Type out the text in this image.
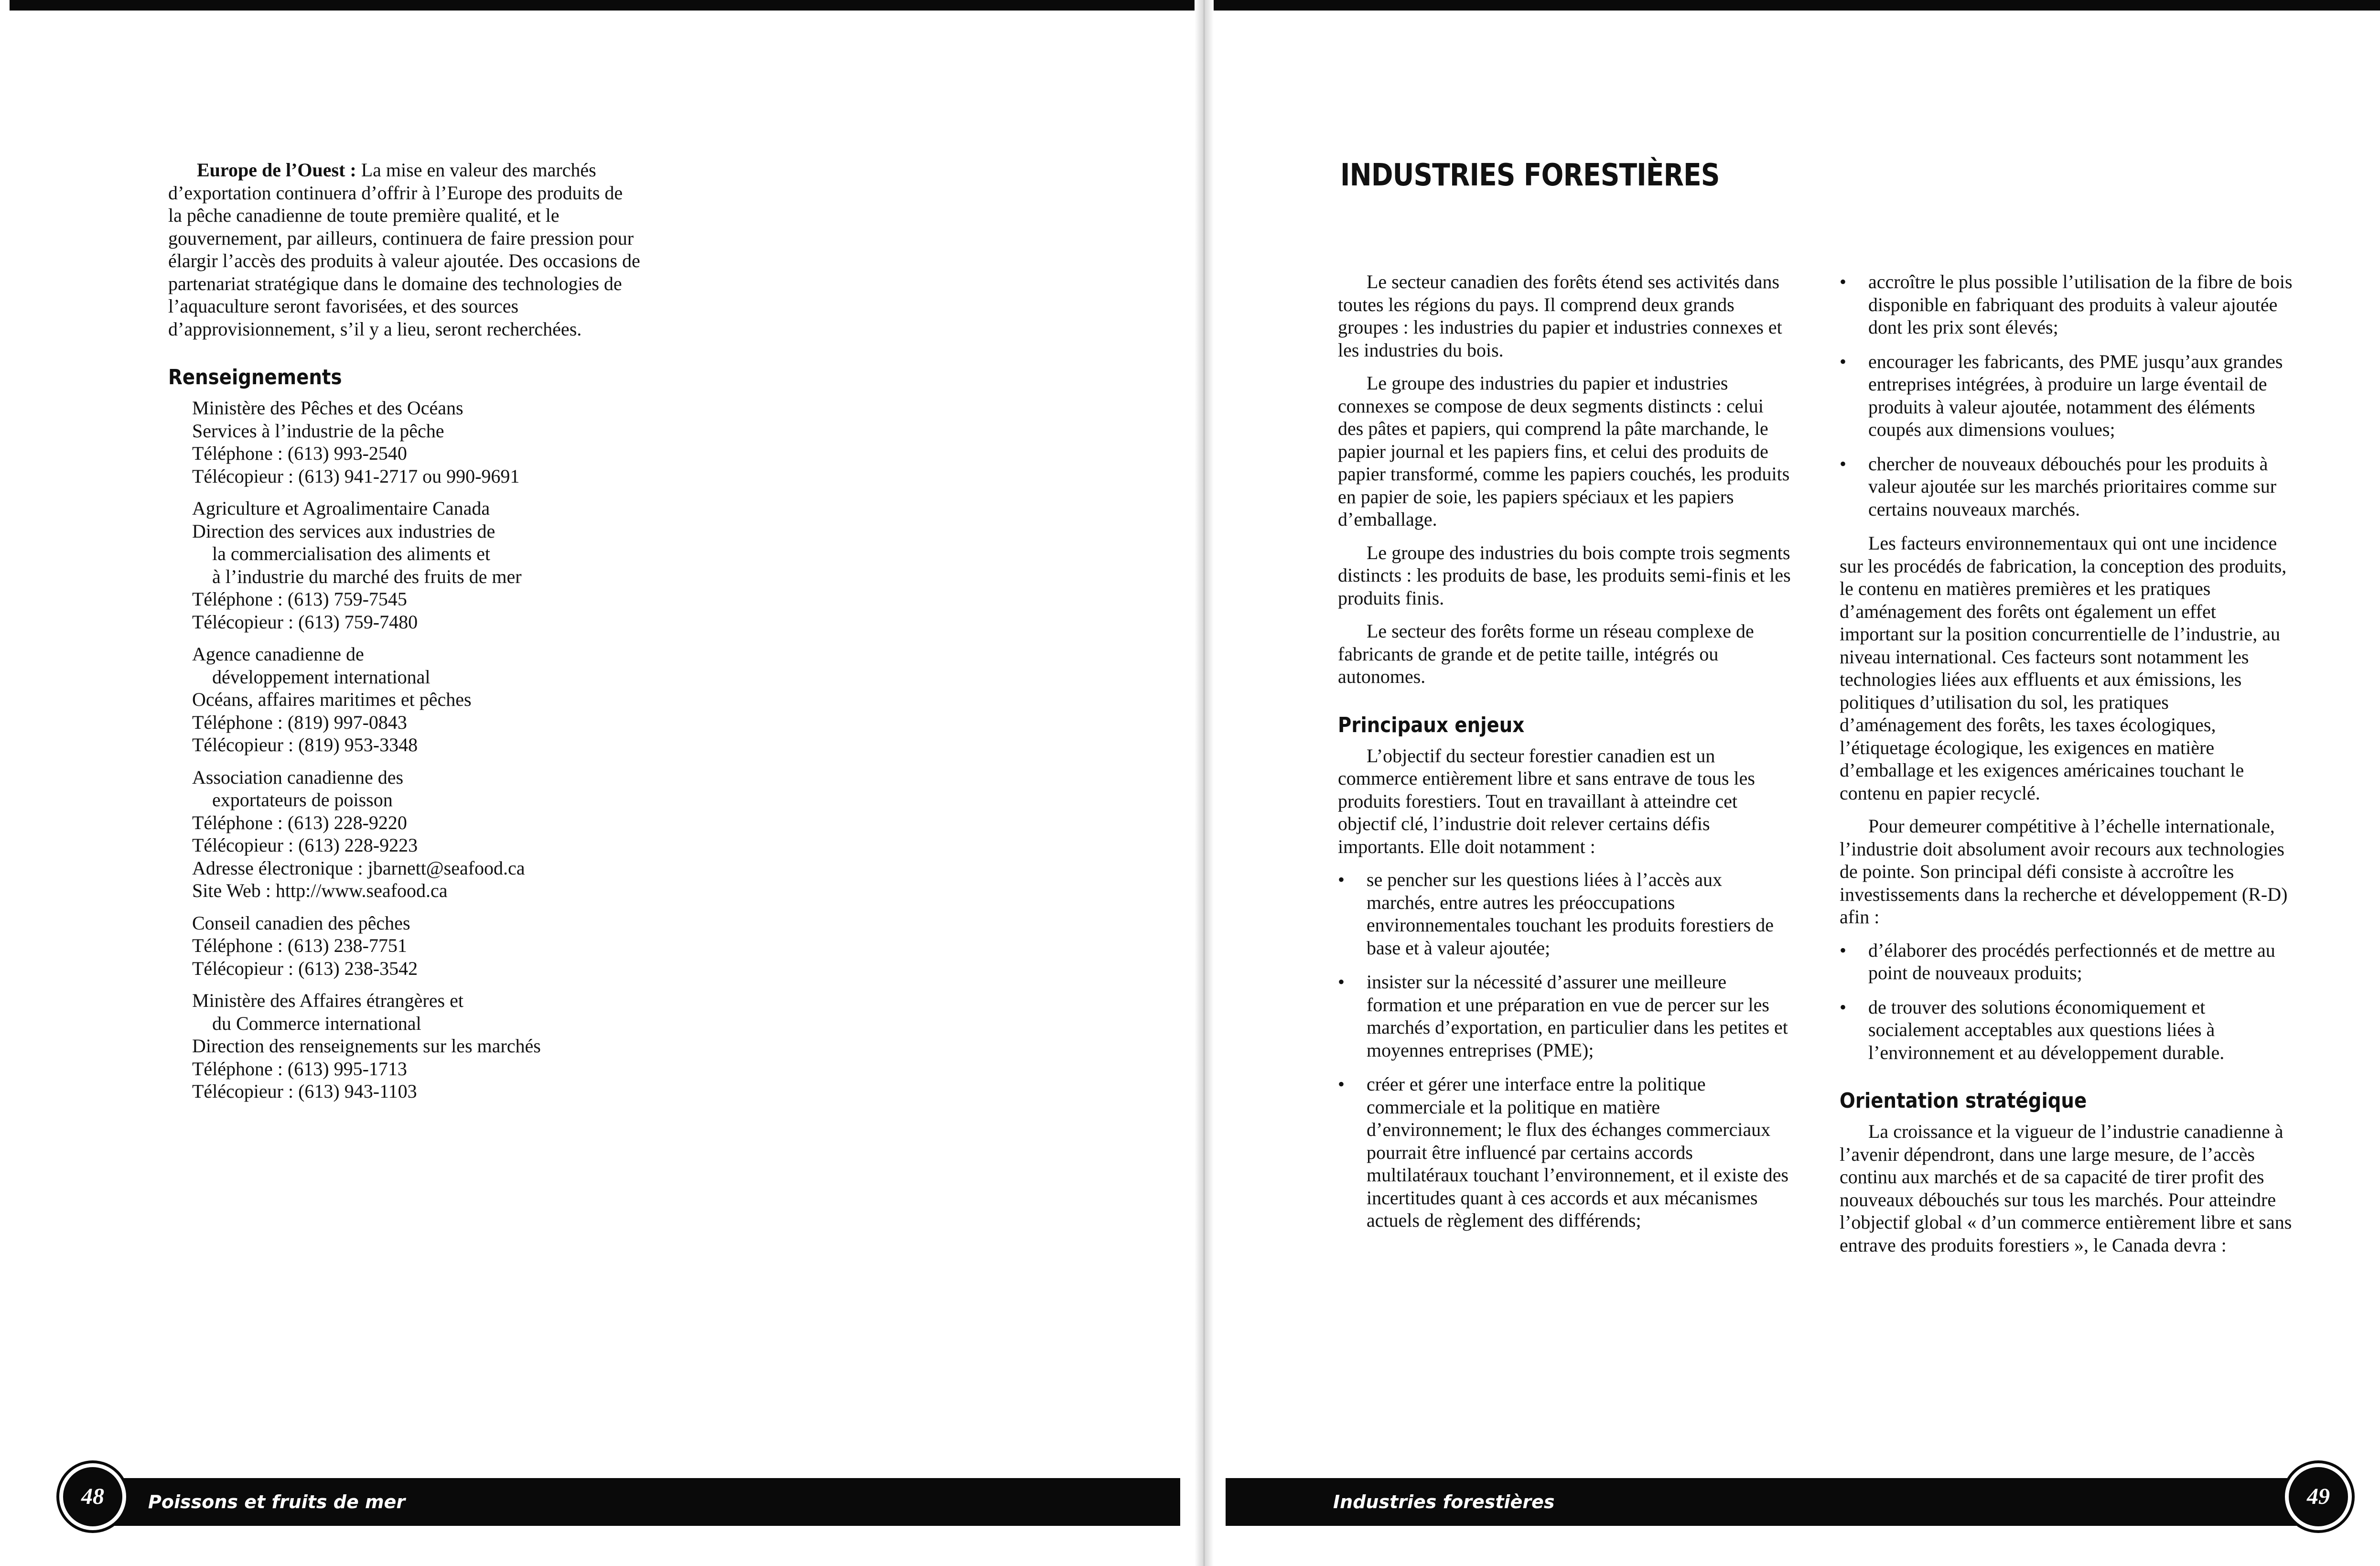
Europe de l’Ouest : La mise en valeur des marchés d’exportation continuera d’offrir à l’Europe des produits de la pêche canadienne de toute première qualité, et le gouvernement, par ailleurs, continuera de faire pression pour élargir l’accès des produits à valeur ajoutée. Des occasions de partenariat stratégique dans le domaine des technologies de l’aquaculture seront favorisées, et des sources d’approvisionnement, s’il y a lieu, seront recherchées.

Renseignements

Ministère des Pêches et des Océans

Services à l’industrie de la pêche

Téléphone : (613) 993-2540

Télécopieur : (613) 941-2717 ou 990-9691

Agriculture et Agroalimentaire Canada

Direction des services aux industries de

la commercialisation des aliments et

à l’industrie du marché des fruits de mer

Téléphone : (613) 759-7545

Télécopieur : (613) 759-7480

Agence canadienne de

développement international

Océans, affaires maritimes et pêches

Téléphone : (819) 997-0843

Télécopieur : (819) 953-3348

Association canadienne des

exportateurs de poisson

Téléphone : (613) 228-9220

Télécopieur : (613) 228-9223

Adresse électronique : jbarnett@seafood.ca

Site Web : http://www.seafood.ca

Conseil canadien des pêches

Téléphone : (613) 238-7751

Télécopieur : (613) 238-3542

Ministère des Affaires étrangères et

du Commerce international

Direction des renseignements sur les marchés

Téléphone : (613) 995-1713

Télécopieur : (613) 943-1103

Poissons et fruits de mer
48
INDUSTRIES FORESTIÈRES

Le secteur canadien des forêts étend ses activités dans toutes les régions du pays. Il comprend deux grands groupes : les industries du papier et industries connexes et les industries du bois.

Le groupe des industries du papier et industries connexes se compose de deux segments distincts : celui des pâtes et papiers, qui comprend la pâte marchande, le papier journal et les papiers fins, et celui des produits de papier transformé, comme les papiers couchés, les produits en papier de soie, les papiers spéciaux et les papiers d’emballage.

Le groupe des industries du bois compte trois segments distincts : les produits de base, les produits semi-finis et les produits finis.

Le secteur des forêts forme un réseau complexe de fabricants de grande et de petite taille, intégrés ou autonomes.

Principaux enjeux

L’objectif du secteur forestier canadien est un commerce entièrement libre et sans entrave de tous les produits forestiers. Tout en travaillant à atteindre cet objectif clé, l’industrie doit relever certains défis importants. Elle doit notamment :

• se pencher sur les questions liées à l’accès aux marchés, entre autres les préoccupations environnementales touchant les produits forestiers de base et à valeur ajoutée;
• insister sur la nécessité d’assurer une meilleure formation et une préparation en vue de percer sur les marchés d’exportation, en particulier dans les petites et moyennes entreprises (PME);
• créer et gérer une interface entre la politique commerciale et la politique en matière d’environnement; le flux des échanges commerciaux pourrait être influencé par certains accords multilatéraux touchant l’environnement, et il existe des incertitudes quant à ces accords et aux mécanismes actuels de règlement des différends;
• accroître le plus possible l’utilisation de la fibre de bois disponible en fabriquant des produits à valeur ajoutée dont les prix sont élevés;
• encourager les fabricants, des PME jusqu’aux grandes entreprises intégrées, à produire un large éventail de produits à valeur ajoutée, notamment des éléments coupés aux dimensions voulues;
• chercher de nouveaux débouchés pour les produits à valeur ajoutée sur les marchés prioritaires comme sur certains nouveaux marchés.

Les facteurs environnementaux qui ont une incidence sur les procédés de fabrication, la conception des produits, le contenu en matières premières et les pratiques d’aménagement des forêts ont également un effet important sur la position concurrentielle de l’industrie, au niveau international. Ces facteurs sont notamment les technologies liées aux effluents et aux émissions, les politiques d’utilisation du sol, les pratiques d’aménagement des forêts, les taxes écologiques, l’étiquetage écologique, les exigences en matière d’emballage et les exigences américaines touchant le contenu en papier recyclé.

Pour demeurer compétitive à l’échelle internationale, l’industrie doit absolument avoir recours aux technologies de pointe. Son principal défi consiste à accroître les investissements dans la recherche et développement (R-D) afin :

• d’élaborer des procédés perfectionnés et de mettre au point de nouveaux produits;
• de trouver des solutions économiquement et socialement acceptables aux questions liées à l’environnement et au développement durable.
Orientation stratégique

La croissance et la vigueur de l’industrie canadienne à l’avenir dépendront, dans une large mesure, de l’accès continu aux marchés et de sa capacité de tirer profit des nouveaux débouchés sur tous les marchés. Pour atteindre l’objectif global « d’un commerce entièrement libre et sans entrave des produits forestiers », le Canada devra :

Industries forestières	49
